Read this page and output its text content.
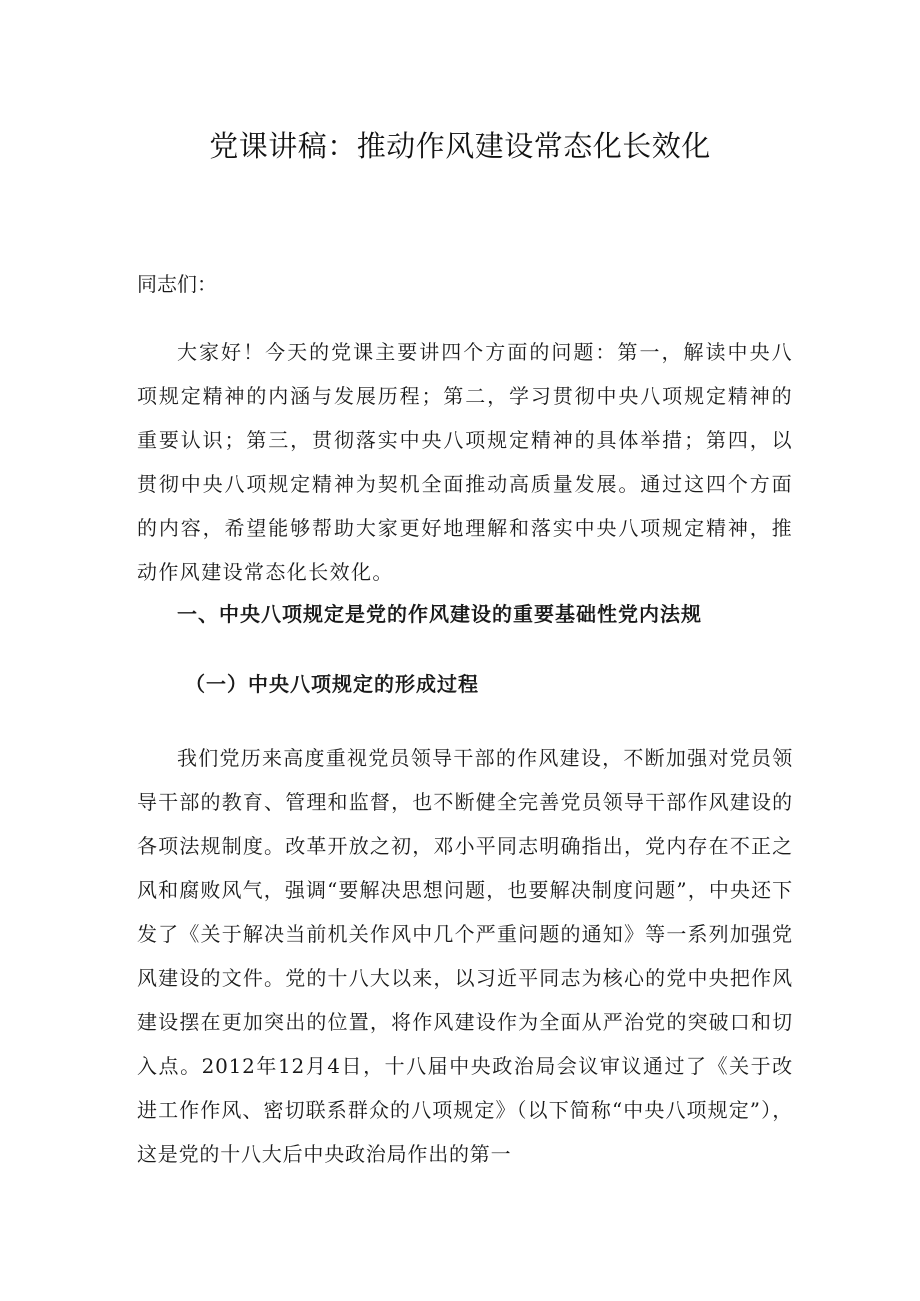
党课讲稿：推动作风建设常态化长效化
同志们：
大家好！今天的党课主要讲四个方面的问题：第一，解读中央八项规定精神的内涵与发展历程；第二，学习贯彻中央八项规定精神的重要认识；第三，贯彻落实中央八项规定精神的具体举措；第四，以贯彻中央八项规定精神为契机全面推动高质量发展。通过这四个方面的内容，希望能够帮助大家更好地理解和落实中央八项规定精神，推动作风建设常态化长效化。
一、中央八项规定是党的作风建设的重要基础性党内法规
（一）中央八项规定的形成过程
我们党历来高度重视党员领导干部的作风建设，不断加强对党员领导干部的教育、管理和监督，也不断健全完善党员领导干部作风建设的各项法规制度。改革开放之初，邓小平同志明确指出，党内存在不正之风和腐败风气，强调“要解决思想问题，也要解决制度问题”，中央还下发了《关于解决当前机关作风中几个严重问题的通知》等一系列加强党风建设的文件。党的十八大以来，以习近平同志为核心的党中央把作风建设摆在更加突出的位置，将作风建设作为全面从严治党的突破口和切入点。2012年12月4日，十八届中央政治局会议审议通过了《关于改进工作作风、密切联系群众的八项规定》（以下简称“中央八项规定”），这是党的十八大后中央政治局作出的第一
